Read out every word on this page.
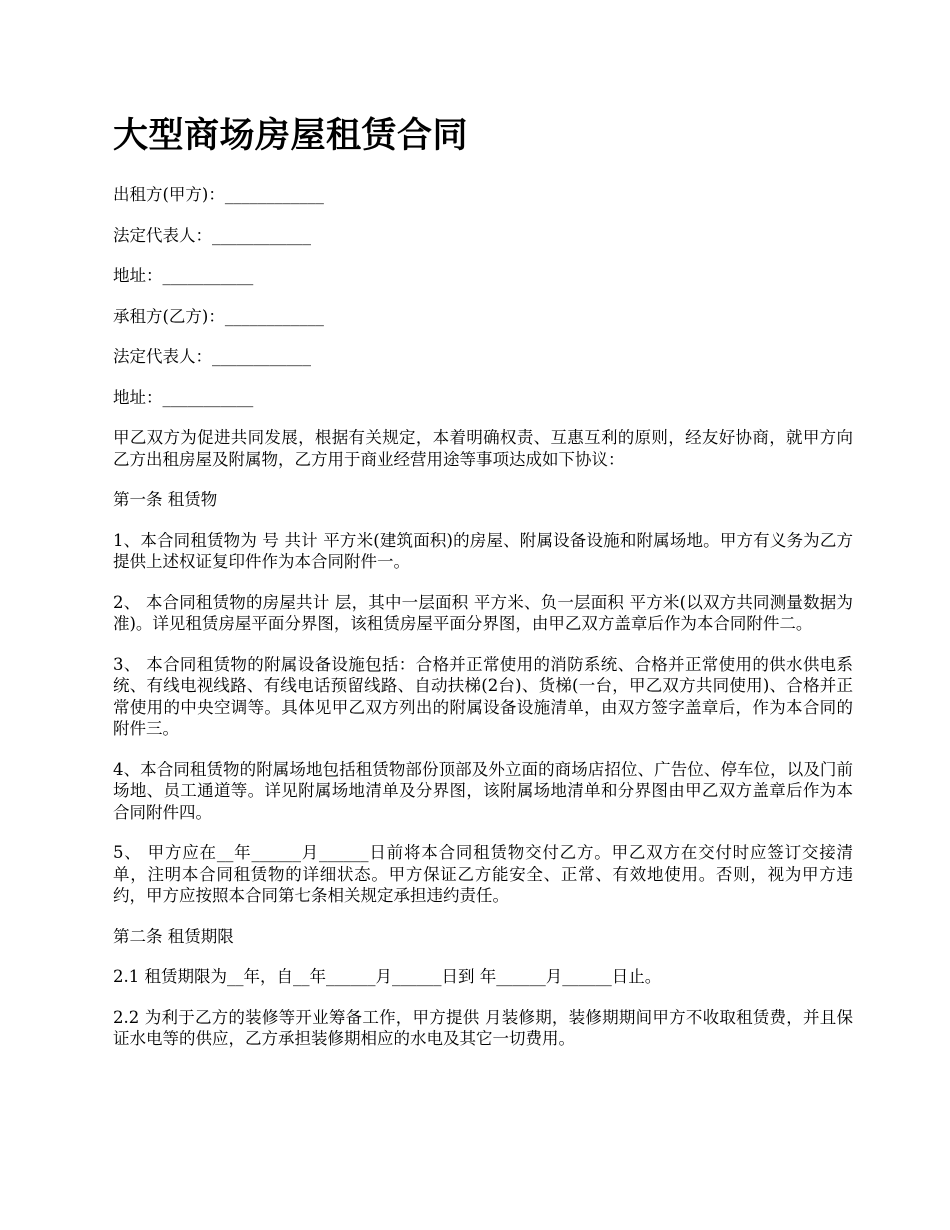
大型商场房屋租赁合同

出租方(甲方)：____________

法定代表人：____________

地址：___________

承租方(乙方)：____________

法定代表人：____________

地址：___________

甲乙双方为促进共同发展，根据有关规定，本着明确权责、互惠互利的原则，经友好协商，就甲方向乙方出租房屋及附属物，乙方用于商业经营用途等事项达成如下协议：

第一条 租赁物

1、本合同租赁物为 号 共计 平方米(建筑面积)的房屋、附属设备设施和附属场地。甲方有义务为乙方提供上述权证复印件作为本合同附件一。

2、 本合同租赁物的房屋共计 层，其中一层面积 平方米、负一层面积 平方米(以双方共同测量数据为准)。详见租赁房屋平面分界图，该租赁房屋平面分界图，由甲乙双方盖章后作为本合同附件二。

3、 本合同租赁物的附属设备设施包括：合格并正常使用的消防系统、合格并正常使用的供水供电系统、有线电视线路、有线电话预留线路、自动扶梯(2台)、货梯(一台，甲乙双方共同使用)、合格并正常使用的中央空调等。具体见甲乙双方列出的附属设备设施清单，由双方签字盖章后，作为本合同的附件三。

4、本合同租赁物的附属场地包括租赁物部份顶部及外立面的商场店招位、广告位、停车位，以及门前场地、员工通道等。详见附属场地清单及分界图，该附属场地清单和分界图由甲乙双方盖章后作为本合同附件四。

5、 甲方应在__年______月______日前将本合同租赁物交付乙方。甲乙双方在交付时应签订交接清单，注明本合同租赁物的详细状态。甲方保证乙方能安全、正常、有效地使用。否则，视为甲方违约，甲方应按照本合同第七条相关规定承担违约责任。

第二条 租赁期限

2.1 租赁期限为__年，自__年______月______日到 年______月______日止。

2.2 为利于乙方的装修等开业筹备工作，甲方提供 月装修期，装修期期间甲方不收取租赁费，并且保证水电等的供应，乙方承担装修期相应的水电及其它一切费用。
